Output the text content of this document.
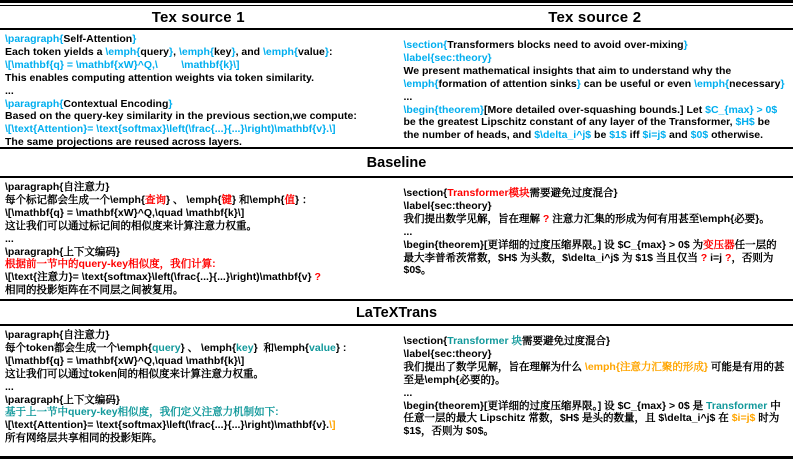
Tex source 1	Tex source 2
\paragraph{Self-Attention}
Each token yields a \emph{query}, \emph{key}, and \emph{value}:
\[\mathbf{q} = \mathbf{xW}^Q,\        \mathbf{k}\]
This enables computing attention weights via token similarity.
...
\paragraph{Contextual Encoding}
Based on the query-key similarity in the previous section,we compute:
\[\text{Attention}= \text{softmax}\left(\frac{...}{...}\right)\mathbf{v}.\]
The same projections are reused across layers.
\section{Transformers blocks need to avoid over-mixing}
\label{sec:theory}
We present mathematical insights that aim to understand why the
\emph{formation of attention sinks} can be useful or even \emph{necessary}
...
\begin{theorem}[More detailed over-squashing bounds.] Let $C_{max} > 0$
be the greatest Lipschitz constant of any layer of the Transformer, $H$ be
the number of heads, and $\delta_i^j$ be $1$ iff $i=j$ and $0$ otherwise.
Baseline
\paragraph{自注意力}
每个标记都会生成一个\emph{查询} 、 \emph{键} 和\emph{值} ：
\[\mathbf{q} = \mathbf{xW}^Q,\quad \mathbf{k}\]
这让我们可以通过标记间的相似度来计算注意力权重。
...
\paragraph{上下文编码}
根据前一节中的query-key相似度，我们计算:
\[\text{注意力}= \text{softmax}\left(\frac{...}{...}\right)\mathbf{v} ?
相同的投影矩阵在不同层之间被复用。
\section{Transformer模块需要避免过度混合}
\label{sec:theory}
我们提出数学见解，旨在理解 ? 注意力汇集的形成为何有用甚至\emph{必要}。
...
\begin{theorem}[更详细的过度压缩界限。] 设 $C_{max} > 0$ 为变压器任一层的
最大李普希茨常数，$H$ 为头数，$\delta_i^j$ 为 $1$ 当且仅当 ? i=j ?，否则为
$0$。
LaTeXTrans
\paragraph{自注意力}
每个token都会生成一个\emph{query} 、 \emph{key}  和\emph{value} :
\[\mathbf{q} = \mathbf{xW}^Q,\quad \mathbf{k}\]
这让我们可以通过token间的相似度来计算注意力权重。
...
\paragraph{上下文编码}
基于上一节中query-key相似度，我们定义注意力机制如下:
\[\text{Attention}= \text{softmax}\left(\frac{...}{...}\right)\mathbf{v}.\]
所有网络层共享相同的投影矩阵。
\section{Transformer 块需要避免过度混合}
\label{sec:theory}
我们提出了数学见解，旨在理解为什么 \emph{注意力汇聚的形成} 可能是有用的甚
至是\emph{必要的}。
...
\begin{theorem}[更详细的过度压缩界限。] 设 $C_{max} > 0$ 是 Transformer 中
任意一层的最大 Lipschitz 常数，$H$ 是头的数量，且 $\delta_i^j$ 在 $i=j$ 时为
$1$，否则为 $0$。
